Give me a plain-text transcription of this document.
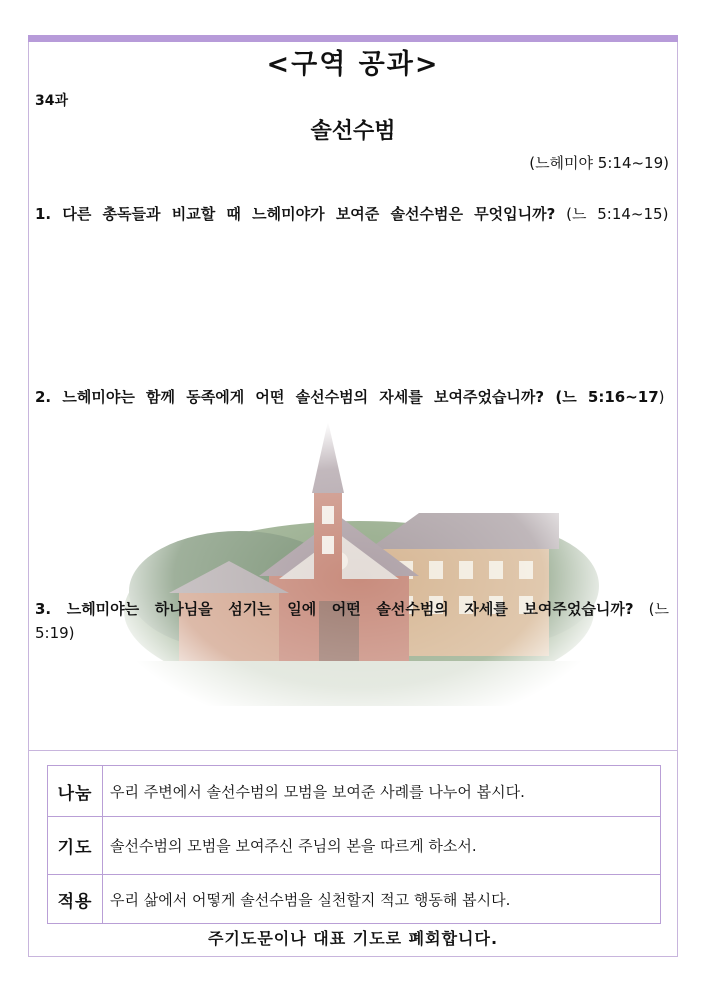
<구역 공과>
34과
솔선수범
(느헤미야 5:14~19)
1. 다른 총독들과 비교할 때 느헤미야가 보여준 솔선수범은 무엇입니까? (느 5:14~15)
2. 느헤미야는 함께 동족에게 어떤 솔선수범의 자세를 보여주었습니까? (느 5:16~17)
3. 느헤미야는 하나님을 섬기는 일에 어떤 솔선수범의 자세를 보여주었습니까? (느 5:19)
나눔	우리 주변에서 솔선수범의 모범을 보여준 사례를 나누어 봅시다.
기도	솔선수범의 모범을 보여주신 주님의 본을 따르게 하소서.
적용	우리 삶에서 어떻게 솔선수범을 실천할지 적고 행동해 봅시다.
주기도문이나 대표 기도로 폐회합니다.
